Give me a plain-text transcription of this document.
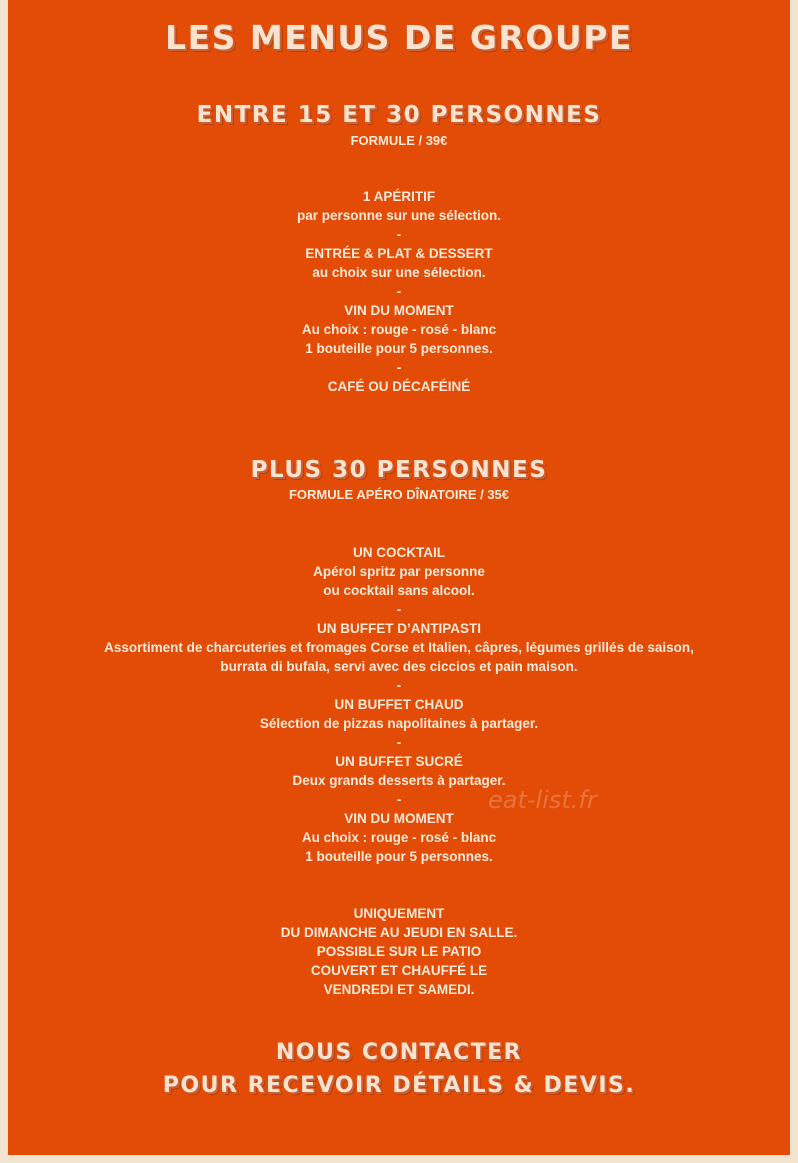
LES MENUS DE GROUPE
ENTRE 15 ET 30 PERSONNES

FORMULE / 39€

1 APÉRITIF
par personne sur une sélection.
-
ENTRÉE & PLAT & DESSERT
au choix sur une sélection.
-
VIN DU MOMENT
Au choix : rouge - rosé - blanc
1 bouteille pour 5 personnes.
-
CAFÉ OU DÉCAFÉINÉ
PLUS 30 PERSONNES

FORMULE APÉRO DÎNATOIRE / 35€

UN COCKTAIL
Apérol spritz par personne
ou cocktail sans alcool.
-
UN BUFFET D’ANTIPASTI
Assortiment de charcuteries et fromages Corse et Italien, câpres, légumes grillés de saison,
burrata di bufala, servi avec des ciccios et pain maison.
-
UN BUFFET CHAUD
Sélection de pizzas napolitaines à partager.
-
UN BUFFET SUCRÉ
Deux grands desserts à partager.
-
VIN DU MOMENT
Au choix : rouge - rosé - blanc
1 bouteille pour 5 personnes.
UNIQUEMENT
DU DIMANCHE AU JEUDI EN SALLE.
POSSIBLE SUR LE PATIO
COUVERT ET CHAUFFÉ LE
VENDREDI ET SAMEDI.
NOUS CONTACTER
POUR RECEVOIR DÉTAILS & DEVIS.
eat-list.fr
